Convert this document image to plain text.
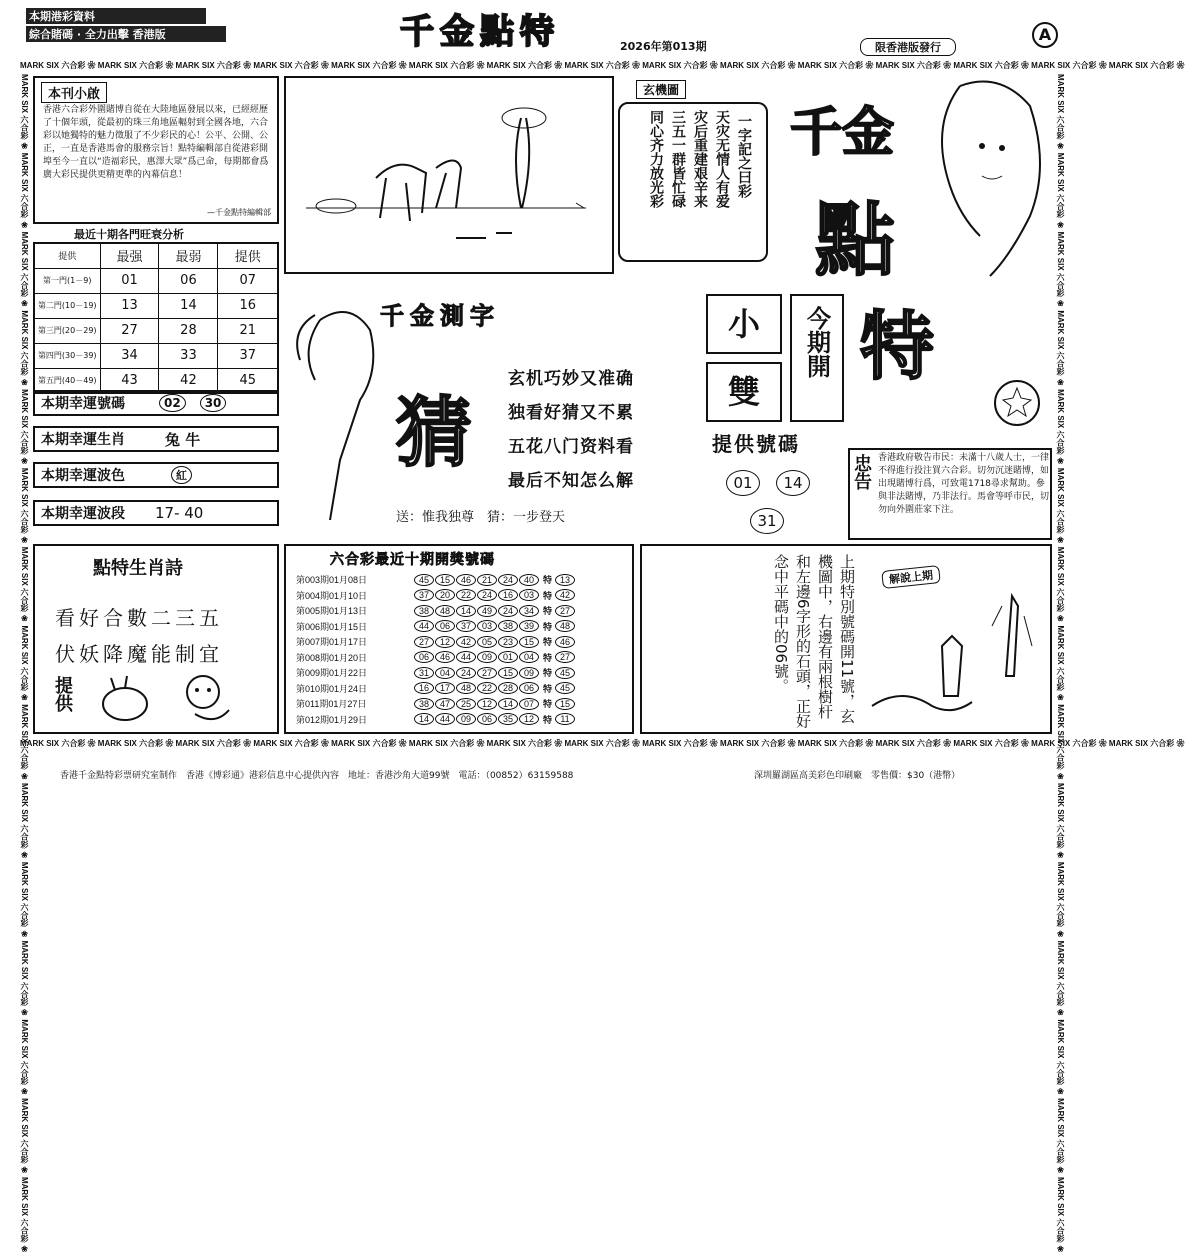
本期港彩資料
綜合賭碼 · 全力出擊 香港版	千金點特	2026年第013期	限香港版發行
A
MARK SIX 六合彩 ❀ MARK SIX 六合彩 ❀ MARK SIX 六合彩 ❀ MARK SIX 六合彩 ❀ MARK SIX 六合彩 ❀ MARK SIX 六合彩 ❀ MARK SIX 六合彩 ❀ MARK SIX 六合彩 ❀ MARK SIX 六合彩 ❀ MARK SIX 六合彩 ❀ MARK SIX 六合彩 ❀ MARK SIX 六合彩 ❀ MARK SIX 六合彩 ❀ MARK SIX 六合彩 ❀ MARK SIX 六合彩 ❀
MARK SIX 六合彩 ❀ MARK SIX 六合彩 ❀ MARK SIX 六合彩 ❀ MARK SIX 六合彩 ❀ MARK SIX 六合彩 ❀ MARK SIX 六合彩 ❀ MARK SIX 六合彩 ❀ MARK SIX 六合彩 ❀ MARK SIX 六合彩 ❀ MARK SIX 六合彩 ❀ MARK SIX 六合彩 ❀ MARK SIX 六合彩 ❀ MARK SIX 六合彩 ❀ MARK SIX 六合彩 ❀ MARK SIX 六合彩 ❀
MARK SIX 六合彩 ❀ MARK SIX 六合彩 ❀ MARK SIX 六合彩 ❀ MARK SIX 六合彩 ❀ MARK SIX 六合彩 ❀ MARK SIX 六合彩 ❀ MARK SIX 六合彩 ❀ MARK SIX 六合彩 ❀ MARK SIX 六合彩 ❀ MARK SIX 六合彩 ❀ MARK SIX 六合彩 ❀ MARK SIX 六合彩 ❀ MARK SIX 六合彩 ❀ MARK SIX 六合彩 ❀ MARK SIX 六合彩 ❀	MARK SIX 六合彩 ❀ MARK SIX 六合彩 ❀ MARK SIX 六合彩 ❀ MARK SIX 六合彩 ❀ MARK SIX 六合彩 ❀ MARK SIX 六合彩 ❀ MARK SIX 六合彩 ❀ MARK SIX 六合彩 ❀ MARK SIX 六合彩 ❀ MARK SIX 六合彩 ❀ MARK SIX 六合彩 ❀ MARK SIX 六合彩 ❀ MARK SIX 六合彩 ❀ MARK SIX 六合彩 ❀ MARK SIX 六合彩 ❀
本刊小啟
香港六合彩外圍賭博自從在大陸地區發展以來，已經經歷了十個年頭，從最初的珠三角地區輻射到全國各地，六合彩以她獨特的魅力徵服了不少彩民的心！公平、公開、公正，一直是香港馬會的服務宗旨！點特編輯部自從港彩開埠至今一直以“造福彩民，惠澤大眾”爲己命，每期都會爲廣大彩民提供更精更準的內幕信息！
—千金點特編輯部
最近十期各門旺衰分析
提供	最强	最弱	提供
第一門(1－9)	01	06	07
第二門(10－19)	13	14	16
第三門(20－29)	27	28	21
第四門(30－39)	34	33	37
第五門(40－49)	43	42	45
本期幸運號碼	02	30
本期幸運生肖	兔 牛
本期幸運波色	紅
本期幸運波段 17- 40
玄機圖
一字記之曰彩
天灾无情人有爱
灾后重建艰辛来
三五一群皆忙碌
同心齐力放光彩 千金
點
特
千金測字
猜
玄机巧妙又准确
独看好猜又不累
五花八门资料看
最后不知怎么解
送：惟我独尊　猜：一步登天
小
雙
今期開
提供號碼
01	14
31
忠告 香港政府敬告市民：未滿十八歲人士，一律不得進行投注買六合彩。切勿沉迷賭博，如出現賭博行爲，可致電1718尋求幫助。參與非法賭博，乃非法行。馬會等呼市民，切勿向外圍莊家下注。
點特生肖詩
看好合數二三五
伏妖降魔能制宜
提供
六合彩最近十期開獎號碼
第003期01月08日	45	15	46	21	24	40	特 13
第004期01月10日	37	20	22	24	16	03	特 42
第005期01月13日	38	48	14	49	24	34	特 27
第006期01月15日	44	06	37	03	38	39	特 48
第007期01月17日	27	12	42	05	23	15	特 46
第008期01月20日	06	46	44	09	01	04	特 27
第009期01月22日	31	04	24	27	15	09	特 45
第010期01月24日	16	17	48	22	28	06	特 45
第011期01月27日	38	47	25	12	14	07	特 15
第012期01月29日	14	44	09	06	35	12	特 11	上期特別號碼開11號，玄機圖中，右邊有兩根樹杆和左邊6字形的石頭，正好念中平碼中的06號。	解說上期
香港千金點特彩票研究室制作　香港《博彩通》港彩信息中心提供內容　地址：香港沙角大道99號　電話：（00852）63159588	深圳羅湖區高美彩色印刷廠　零售價：$30（港幣）
